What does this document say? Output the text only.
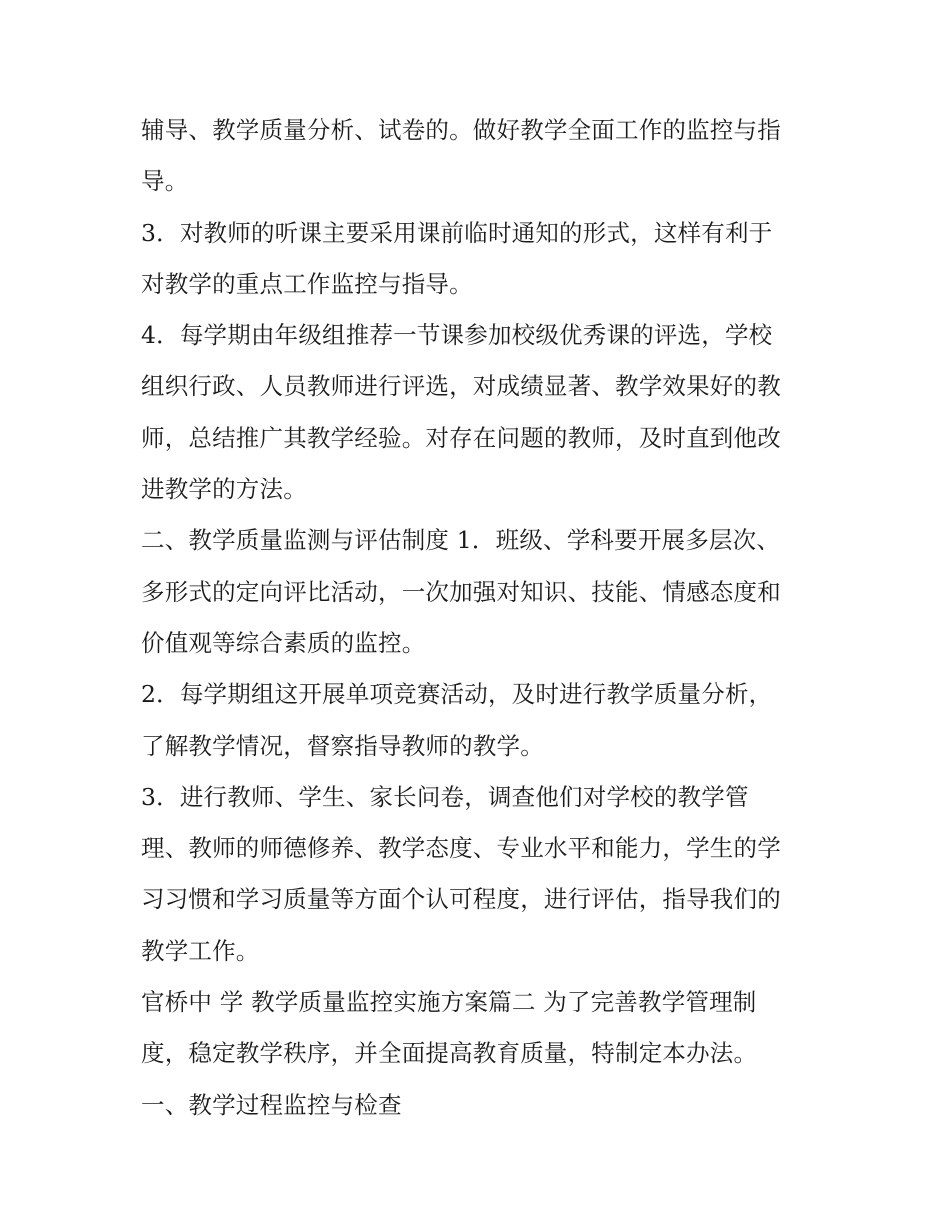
辅导、教学质量分析、试卷的。做好教学全面工作的监控与指
导。
3．对教师的听课主要采用课前临时通知的形式，这样有利于
对教学的重点工作监控与指导。
4．每学期由年级组推荐一节课参加校级优秀课的评选，学校
组织行政、人员教师进行评选，对成绩显著、教学效果好的教
师，总结推广其教学经验。对存在问题的教师，及时直到他改
进教学的方法。
二、教学质量监测与评估制度 1．班级、学科要开展多层次、
多形式的定向评比活动，一次加强对知识、技能、情感态度和
价值观等综合素质的监控。
2．每学期组这开展单项竞赛活动，及时进行教学质量分析，
了解教学情况，督察指导教师的教学。
3．进行教师、学生、家长问卷，调查他们对学校的教学管
理、教师的师德修养、教学态度、专业水平和能力，学生的学
习习惯和学习质量等方面个认可程度，进行评估，指导我们的
教学工作。
官桥中 学 教学质量监控实施方案篇二 为了完善教学管理制
度，稳定教学秩序，并全面提高教育质量，特制定本办法。
一、教学过程监控与检查
